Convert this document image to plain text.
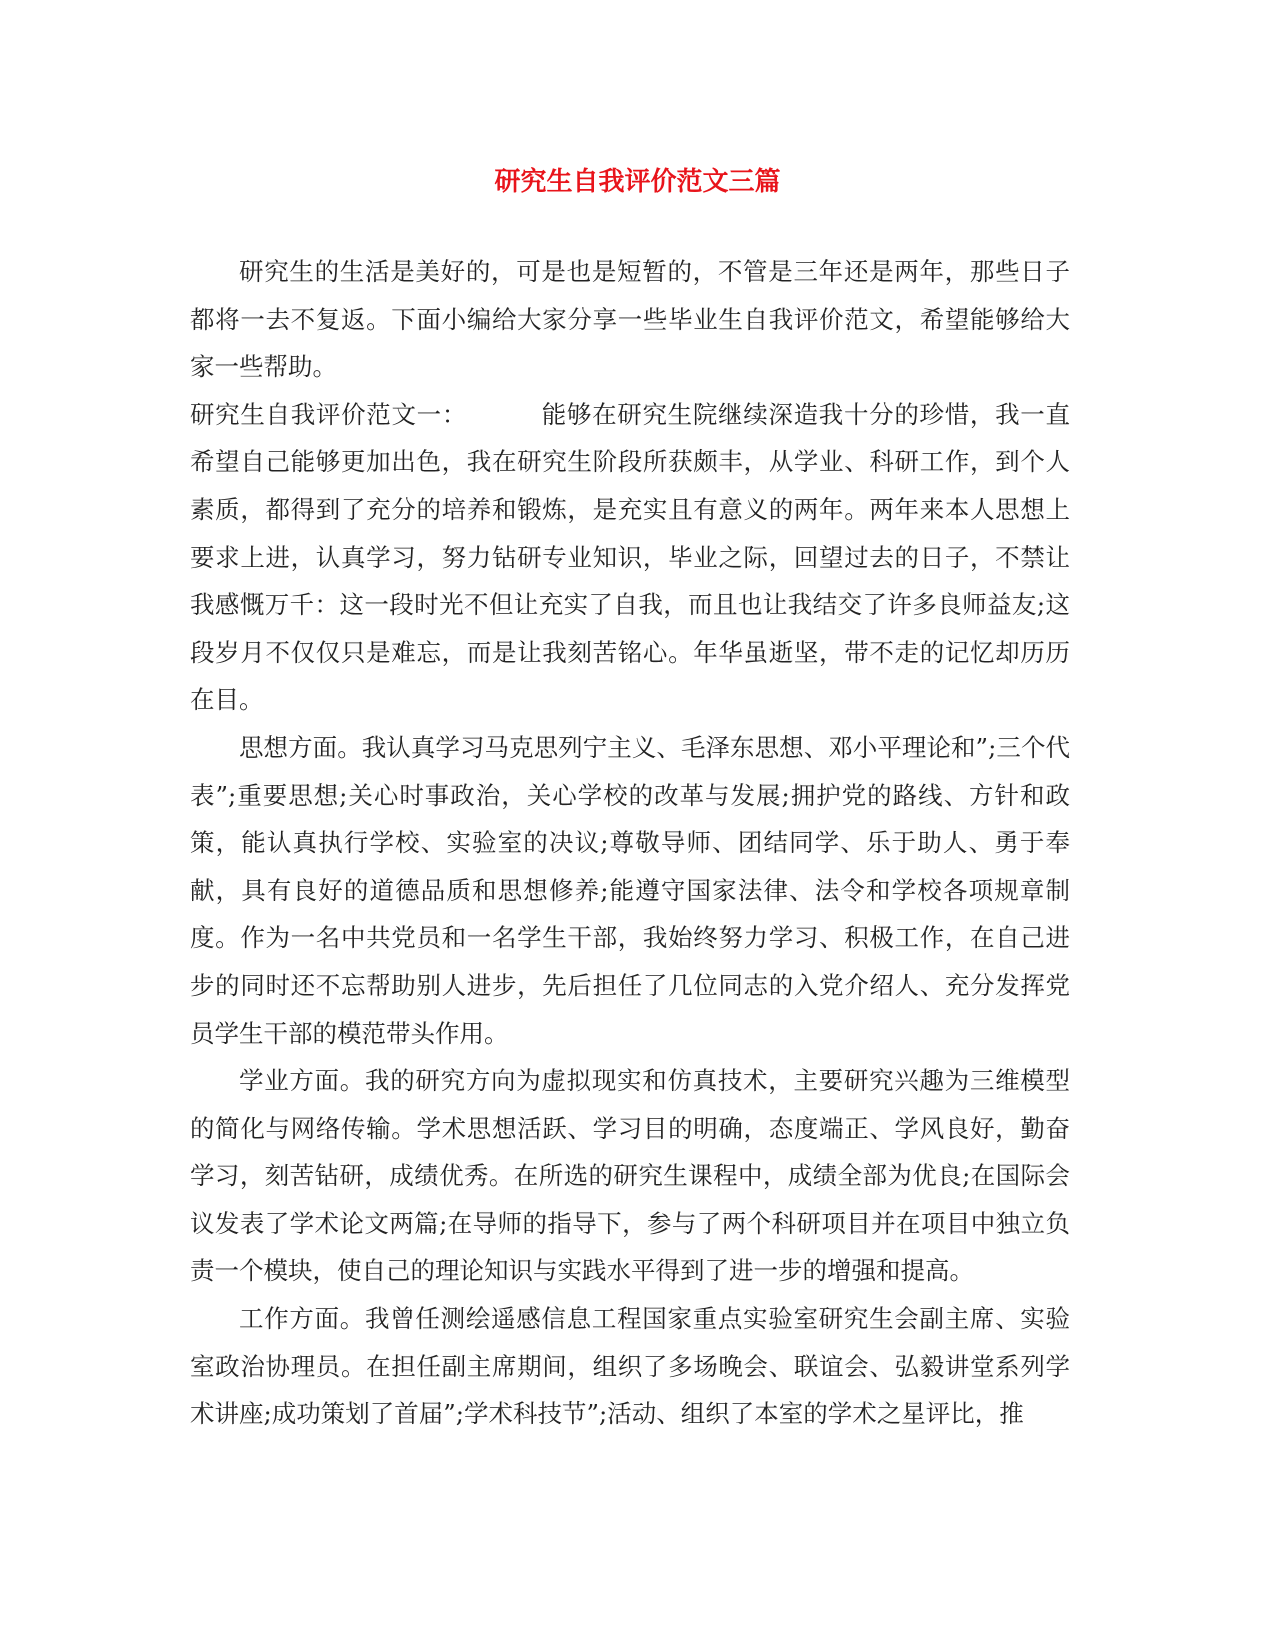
研究生自我评价范文三篇

研究生的生活是美好的，可是也是短暂的，不管是三年还是两年，那些日子都将一去不复返。下面小编给大家分享一些毕业生自我评价范文，希望能够给大家一些帮助。

研究生自我评价范文一：	能够在研究生院继续深造我十分的珍惜，我一直希望自己能够更加出色，我在研究生阶段所获颇丰，从学业、科研工作，到个人素质，都得到了充分的培养和锻炼，是充实且有意义的两年。两年来本人思想上要求上进，认真学习，努力钻研专业知识，毕业之际，回望过去的日子，不禁让我感慨万千：这一段时光不但让充实了自我，而且也让我结交了许多良师益友;这段岁月不仅仅只是难忘，而是让我刻苦铭心。年华虽逝坚，带不走的记忆却历历在目。

思想方面。我认真学习马克思列宁主义、毛泽东思想、邓小平理论和”;三个代表”;重要思想;关心时事政治，关心学校的改革与发展;拥护党的路线、方针和政策，能认真执行学校、实验室的决议;尊敬导师、团结同学、乐于助人、勇于奉献，具有良好的道德品质和思想修养;能遵守国家法律、法令和学校各项规章制度。作为一名中共党员和一名学生干部，我始终努力学习、积极工作，在自己进步的同时还不忘帮助别人进步，先后担任了几位同志的入党介绍人、充分发挥党员学生干部的模范带头作用。

学业方面。我的研究方向为虚拟现实和仿真技术，主要研究兴趣为三维模型的简化与网络传输。学术思想活跃、学习目的明确，态度端正、学风良好，勤奋学习，刻苦钻研，成绩优秀。在所选的研究生课程中，成绩全部为优良;在国际会议发表了学术论文两篇;在导师的指导下，参与了两个科研项目并在项目中独立负责一个模块，使自己的理论知识与实践水平得到了进一步的增强和提高。

工作方面。我曾任测绘遥感信息工程国家重点实验室研究生会副主席、实验室政治协理员。在担任副主席期间，组织了多场晚会、联谊会、弘毅讲堂系列学术讲座;成功策划了首届”;学术科技节”;活动、组织了本室的学术之星评比，推
